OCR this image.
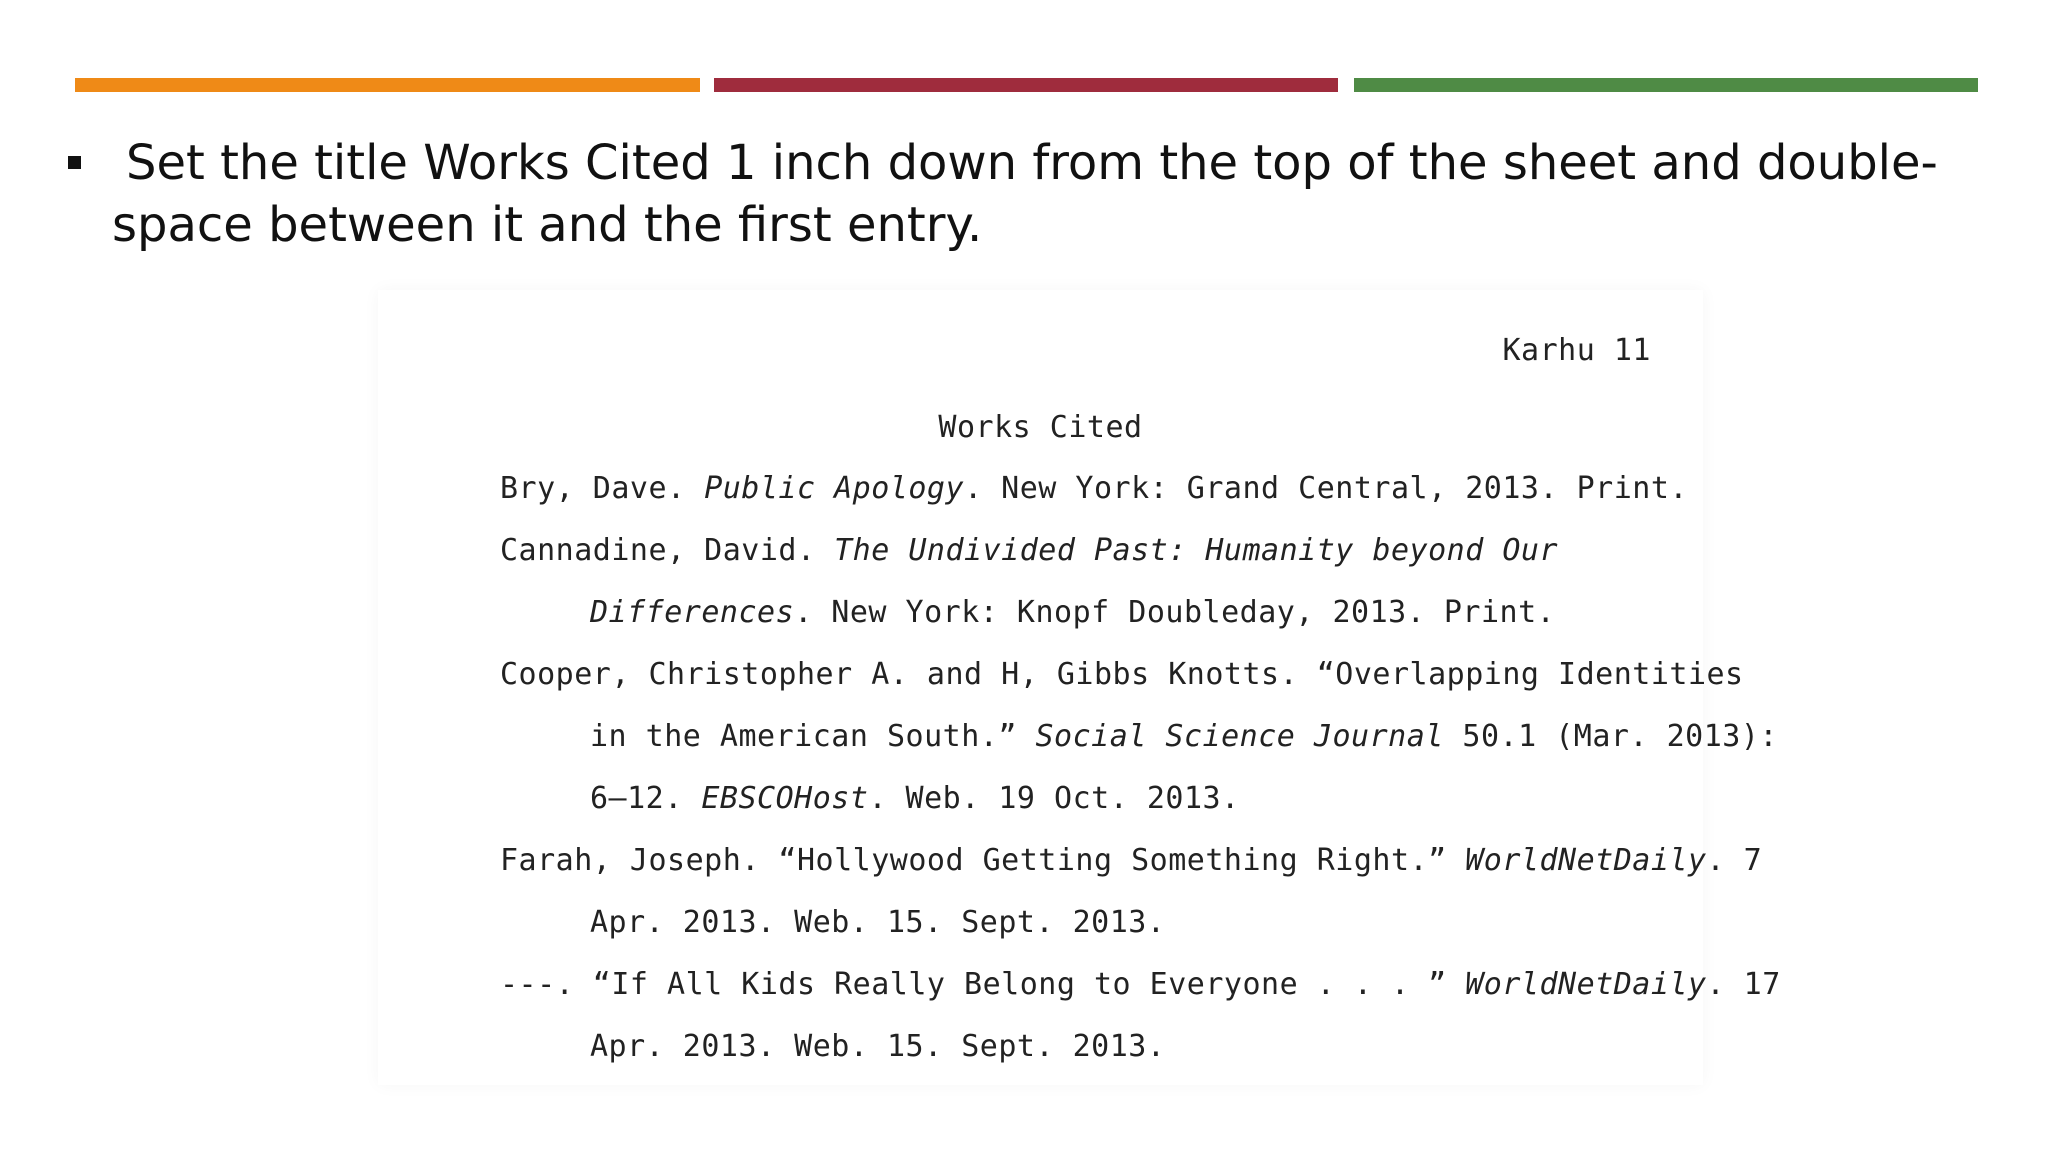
Set the title Works Cited 1 inch down from the top of the sheet and double-space between it and the first entry.
Karhu 11
Works Cited
Bry, Dave. Public Apology. New York: Grand Central, 2013. Print.
Cannadine, David. The Undivided Past: Humanity beyond Our
Differences. New York: Knopf Doubleday, 2013. Print.
Cooper, Christopher A. and H, Gibbs Knotts. “Overlapping Identities
in the American South.” Social Science Journal 50.1 (Mar. 2013):
6–12. EBSCOHost. Web. 19 Oct. 2013.
Farah, Joseph. “Hollywood Getting Something Right.” WorldNetDaily. 7
Apr. 2013. Web. 15. Sept. 2013.
---. “If All Kids Really Belong to Everyone . . . ” WorldNetDaily. 17
Apr. 2013. Web. 15. Sept. 2013.
